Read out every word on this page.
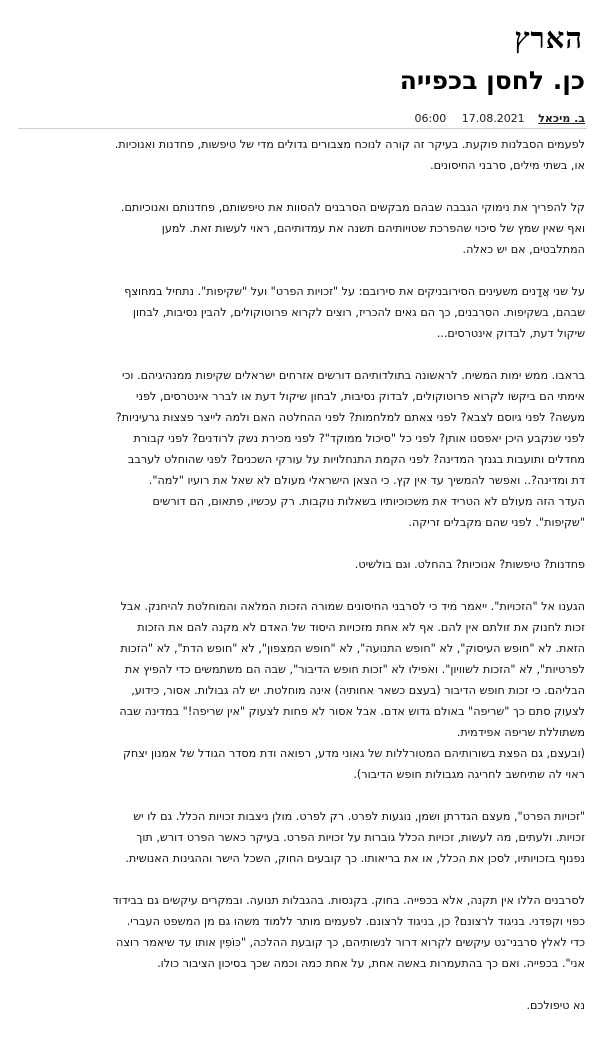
הארץ
כן. לחסן בכפייה
ב. מיכאל 17.08.2021 06:00

לפעמים הסבלנות פוקעת. בעיקר זה קורה לנוכח מצבורים גדולים מדי של טיפשות, פחדנות ואנוכיות.
או, בשתי מילים, סרבני החיסונים.

קל להפריך את נימוקי הגבבה שבהם מבקשים הסרבנים להסוות את טיפשותם, פחדנותם ואנוכיותם.
ואף שאין שמץ של סיכוי שהפרכת שטויותיהם תשנה את עמדותיהם, ראוי לעשות זאת. למען
המתלבטים, אם יש כאלה.

על שני אֲדָנים משעינים הסירובניקים את סירובם: על "זכויות הפרט" ועל "שקיפות". נתחיל במחוצף
שבהם, בשקיפות. הסרבנים, כך הם גאים להכריז, רוצים לקרוא פרוטוקולים, להבין נסיבות, לבחון
שיקול דעת, לבדוק אינטרסים...

בראבו. ממש ימות המשיח. לראשונה בתולדותיהם דורשים אזרחים ישראלים שקיפות ממנהיגיהם. וכי
אימתי הם ביקשו לקרוא פרוטוקולים, לבדוק נסיבות, לבחון שיקול דעת או לברר אינטרסים, לפני
מעשה? לפני גיוסם לצבא? לפני צאתם למלחמות? לפני ההחלטה האם ולמה לייצר פצצות גרעיניות?
לפני שנקבע היכן יאפסנו אותן? לפני כל "סיכול ממוקד"? לפני מכירת נשק לרודנים? לפני קבורת
מחדלים ותועבות בגנזך המדינה? לפני הקמת התנחלויות על עורקי השכנים? לפני שהוחלט לערבב
דת ומדינה?.. ואפשר להמשיך עד אין קץ. כי הצאן הישראלי מעולם לא שאל את רועיו "למה".
העדר הזה מעולם לא הטריד את משכוכיותיו בשאלות נוקבות. רק עכשיו, פתאום, הם דורשים
"שקיפות". לפני שהם מקבלים זריקה.

פחדנות? טיפשות? אנוכיות? בהחלט. וגם בולשיט.

הגענו אל "הזכויות". ייאמר מיד כי לסרבני החיסונים שמורה הזכות המלאה והמוחלטת להיחנק. אבל
זכות לחנוק את זולתם אין להם. אף לא אחת מזכויות היסוד של האדם לא מקנה להם את הזכות
הזאת. לא "חופש העיסוק", לא "חופש התנועה", לא "חופש המצפון", לא "חופש הדת", לא "הזכות
לפרטיות", לא "הזכות לשוויון". ואפילו לא "זכות חופש הדיבור", שבה הם משתמשים כדי להפיץ את
הבליהם. כי זכות חופש הדיבור (בעצם כשאר אחותיה) אינה מוחלטת. יש לה גבולות. אסור, כידוע,
לצעוק סתם כך "שריפה" באולם גדוש אדם. אבל אסור לא פחות לצעוק "אין שריפה!" במדינה שבה
משתוללת שריפה אפידמית.
(ובעצם, גם הפצת בשורותיהם המטורללות של גאוני מדע, רפואה ודת מסדר הגודל של אמנון יצחק
ראוי לה שתיחשב לחריגה מגבולות חופש הדיבור).

"זכויות הפרט", מעצם הגדרתן ושמן, נוגעות לפרט. רק לפרט. מולן ניצבות זכויות הכלל. גם לו יש
זכויות. ולעתים, מה לעשות, זכויות הכלל גוברות על זכויות הפרט. בעיקר כאשר הפרט דורש, תוך
נפנוף בזכויותיו, לסכן את הכלל, או את בריאותו. כך קובעים החוק, השכל הישר וההגינות האנושית.

לסרבנים הללו אין תקנה, אלא בכפייה. בחוק. בקנסות. בהגבלות תנועה. ובמקרים עיקשים גם בבידוד
כפוי וקפדני. בניגוד לרצונם? כן, בניגוד לרצונם. לפעמים מותר ללמוד משהו גם מן המשפט העברי.
כדי לאלץ סרבני־גט עיקשים לקרוא דרור לנשותיהם, כך קובעת ההלכה, "כּוֹפִין אותו עד שיאמר רוצה
אני". בכפייה. ואם כך בהתעמרות באשה אחת, על אחת כמה וכמה שכך בסיכון הציבור כולו.

נא טיפולכם.
